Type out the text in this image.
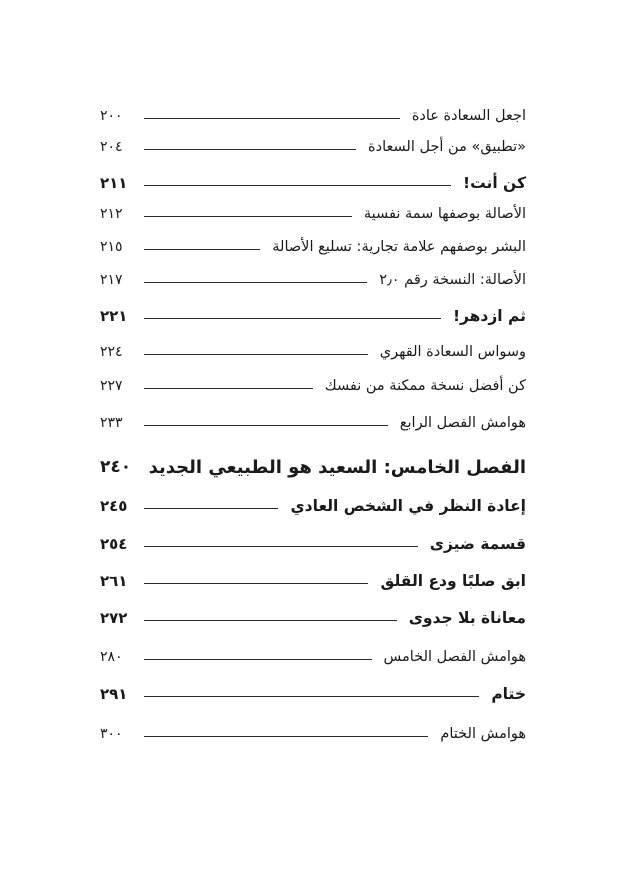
اجعل السعادة عادة
٢٠٠
«تطبيق» من أجل السعادة
٢٠٤
كن أنت!
٢١١
الأصالة بوصفها سمة نفسية
٢١٢
البشر بوصفهم علامة تجارية: تسليع الأصالة
٢١٥
الأصالة: النسخة رقم ٢٫٠
٢١٧
ثم ازدهر!
٢٢١
وسواس السعادة القهري
٢٢٤
كن أفضل نسخة ممكنة من نفسك
٢٢٧
هوامش الفصل الرابع
٢٣٣
الفصل الخامس: السعيد هو الطبيعي الجديد
٢٤٠
إعادة النظر في الشخص العادي
٢٤٥
قسمة ضيزى
٢٥٤
ابق صلبًا ودع القلق
٢٦١
معاناة بلا جدوى
٢٧٢
هوامش الفصل الخامس
٢٨٠
ختام
٢٩١
هوامش الختام
٣٠٠
